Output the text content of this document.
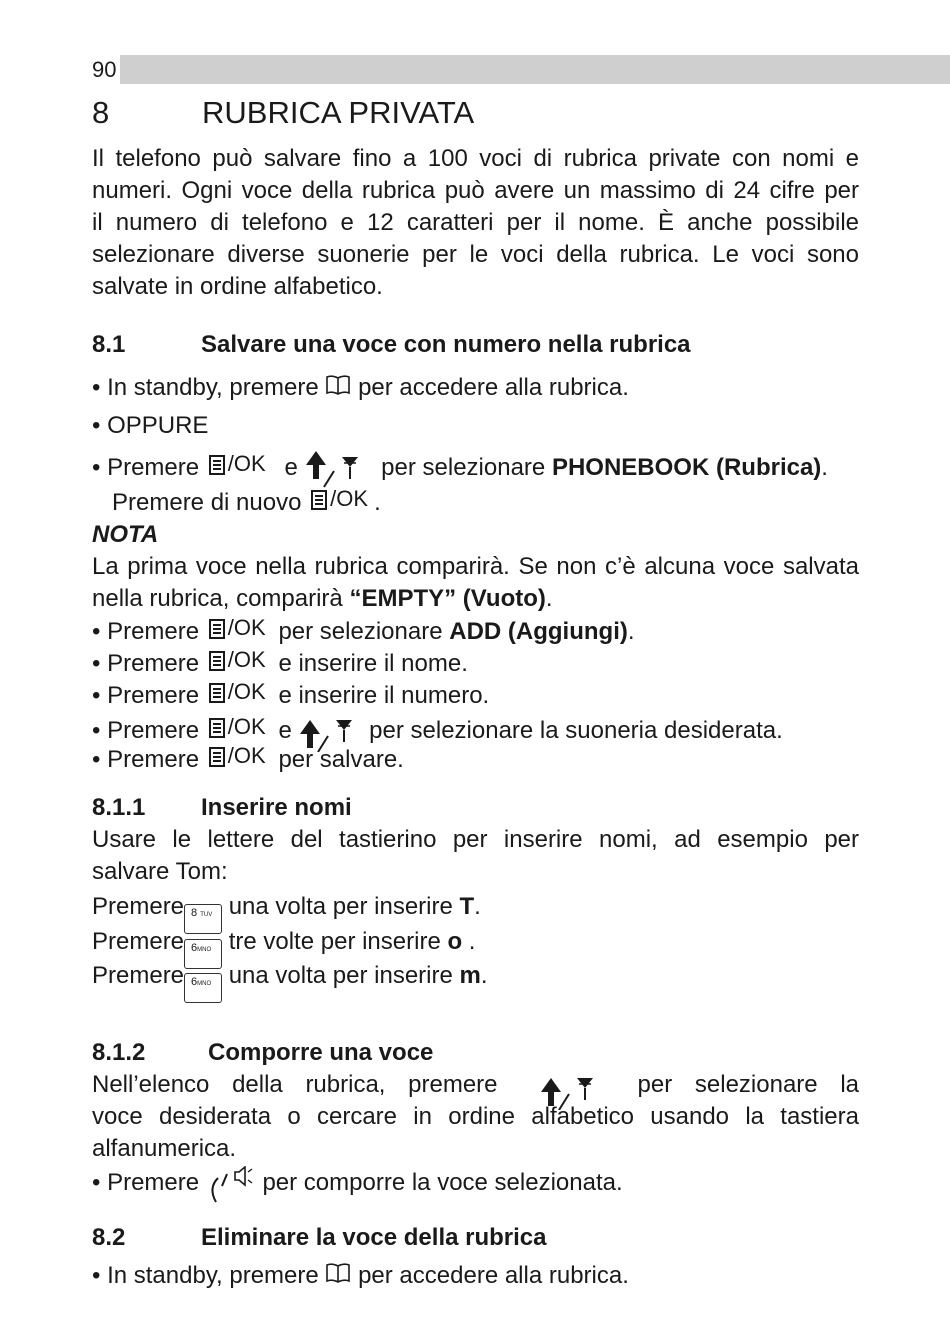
90
8	RUBRICA PRIVATA
Il telefono può salvare fino a 100 voci di rubrica private con nomi e
numeri. Ogni voce della rubrica può avere un massimo di 24 cifre per
il numero di telefono e 12 caratteri per il nome. È anche possibile
selezionare diverse suonerie per le voci della rubrica. Le voci sono
salvate in ordine alfabetico.
8.1	Salvare una voce con numero nella rubrica
• In standby, premere per accedere alla rubrica.
• OPPURE
• Premere /OK e	per selezionare PHONEBOOK (Rubrica).
Premere di nuovo /OK .
NOTA
La prima voce nella rubrica comparirà. Se non c’è alcuna voce salvata
nella rubrica, comparirà “EMPTY” (Vuoto).
• Premere /OK per selezionare ADD (Aggiungi).
• Premere /OK e inserire il nome.
• Premere /OK e inserire il numero.
• Premere /OK e	per selezionare la suoneria desiderata.
• Premere /OK per salvare.
8.1.1 Inserire nomi
Usare le lettere del tastierino per inserire nomi, ad esempio per
salvare Tom:
Premere 8 TUV una volta per inserire T.
Premere 6MNO tre volte per inserire o .
Premere 6MNO una volta per inserire m.
8.1.2	Comporre una voce
Nell’elenco della rubrica, premere	per selezionare la
voce desiderata o cercare in ordine alfabetico usando la tastiera
alfanumerica.
• Premere	per comporre la voce selezionata.
8.2	Eliminare la voce della rubrica
• In standby, premere per accedere alla rubrica.
